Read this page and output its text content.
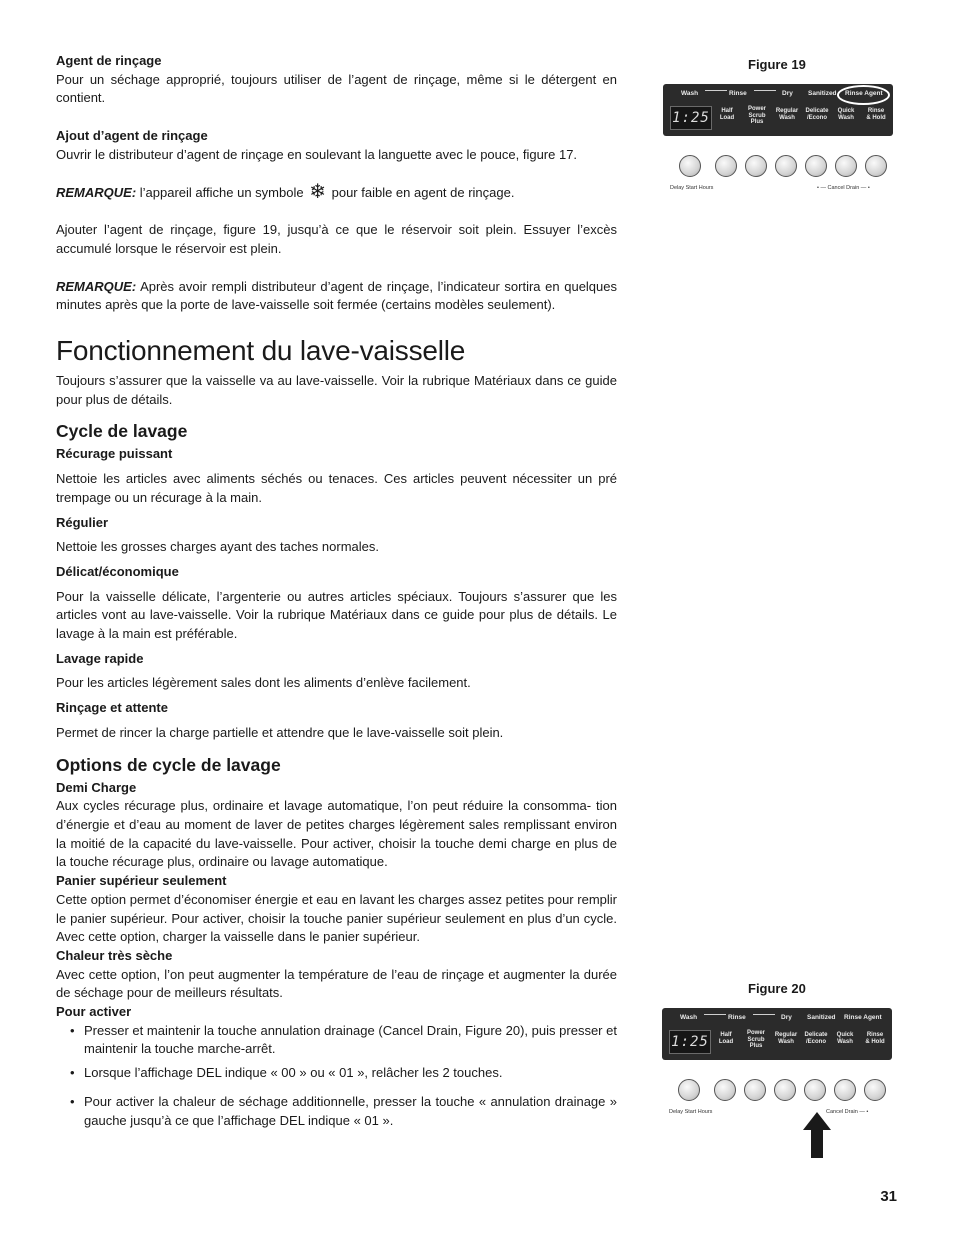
Agent de rinçage

Pour un séchage approprié, toujours utiliser de l’agent de rinçage, même si le détergent en contient.

Ajout d’agent de rinçage

Ouvrir le distributeur d’agent de rinçage en soulevant la languette avec le pouce, figure 17.

REMARQUE: l’appareil affiche un symbole ❄ pour faible en agent de rinçage.

Ajouter l’agent de rinçage, figure 19, jusqu’à ce que le réservoir soit plein. Essuyer l’excès accumulé lorsque le réservoir est plein.

REMARQUE: Après avoir rempli distributeur d’agent de rinçage, l’indicateur sortira en quelques minutes après que la porte de lave-vaisselle soit fermée (certains modèles seulement).

Fonctionnement du lave-vaisselle

Toujours s’assurer que la vaisselle va au lave-vaisselle. Voir la rubrique Matériaux dans ce guide pour plus de détails.

Cycle de lavage
Récurage puissant

Nettoie les articles avec aliments séchés ou tenaces. Ces articles peuvent nécessiter un pré trempage ou un récurage à la main.

Régulier

Nettoie les grosses charges ayant des taches normales.

Délicat/économique

Pour la vaisselle délicate, l’argenterie ou autres articles spéciaux. Toujours s’assurer que les articles vont au lave-vaisselle. Voir la rubrique Matériaux dans ce guide pour plus de détails. Le lavage à la main est préférable.

Lavage rapide

Pour les articles légèrement sales dont les aliments d’enlève facilement.

Rinçage et attente

Permet de rincer la charge partielle et attendre que le lave-vaisselle soit plein.

Options de cycle de lavage
Demi Charge

Aux cycles récurage plus, ordinaire et lavage automatique, l’on peut réduire la consomma- tion d’énergie et d’eau au moment de laver de petites charges légèrement sales remplissant environ la moitié de la capacité du lave-vaisselle. Pour activer, choisir la touche demi charge en plus de la touche récurage plus, ordinaire ou lavage automatique.

Panier supérieur seulement

Cette option permet d’économiser énergie et eau en lavant les charges assez petites pour remplir le panier supérieur. Pour activer, choisir la touche panier supérieur seulement en plus d’un cycle. Avec cette option, charger la vaisselle dans le panier supérieur.

Chaleur très sèche

Avec cette option, l’on peut augmenter la température de l’eau de rinçage et augmenter la durée de séchage pour de meilleurs résultats.

Pour activer
• Presser et maintenir la touche annulation drainage (Cancel Drain, Figure 20), puis presser et maintenir la touche marche-arrêt.
• Lorsque l’affichage DEL indique « 00 » ou « 01 », relâcher les 2 touches.
• Pour activer la chaleur de séchage additionnelle, presser la touche « annulation drainage » gauche jusqu’à ce que l’affichage DEL indique « 01 ».
Figure 19
Wash	Rinse	Dry Sanitized Rinse Agent
1:25	Half
Load
Power
Scrub
Plus
Regular
Wash
Delicate
/Econo
Quick
Wash
Rinse
& Hold
Delay Start Hours	• — Cancel Drain — •
Figure 20
Wash	Rinse	Dry Sanitized Rinse Agent
1:25	Half
Load
Power
Scrub
Plus
Regular
Wash
Delicate
/Econo
Quick
Wash
Rinse
& Hold
Delay Start Hours	Cancel Drain — •
31
